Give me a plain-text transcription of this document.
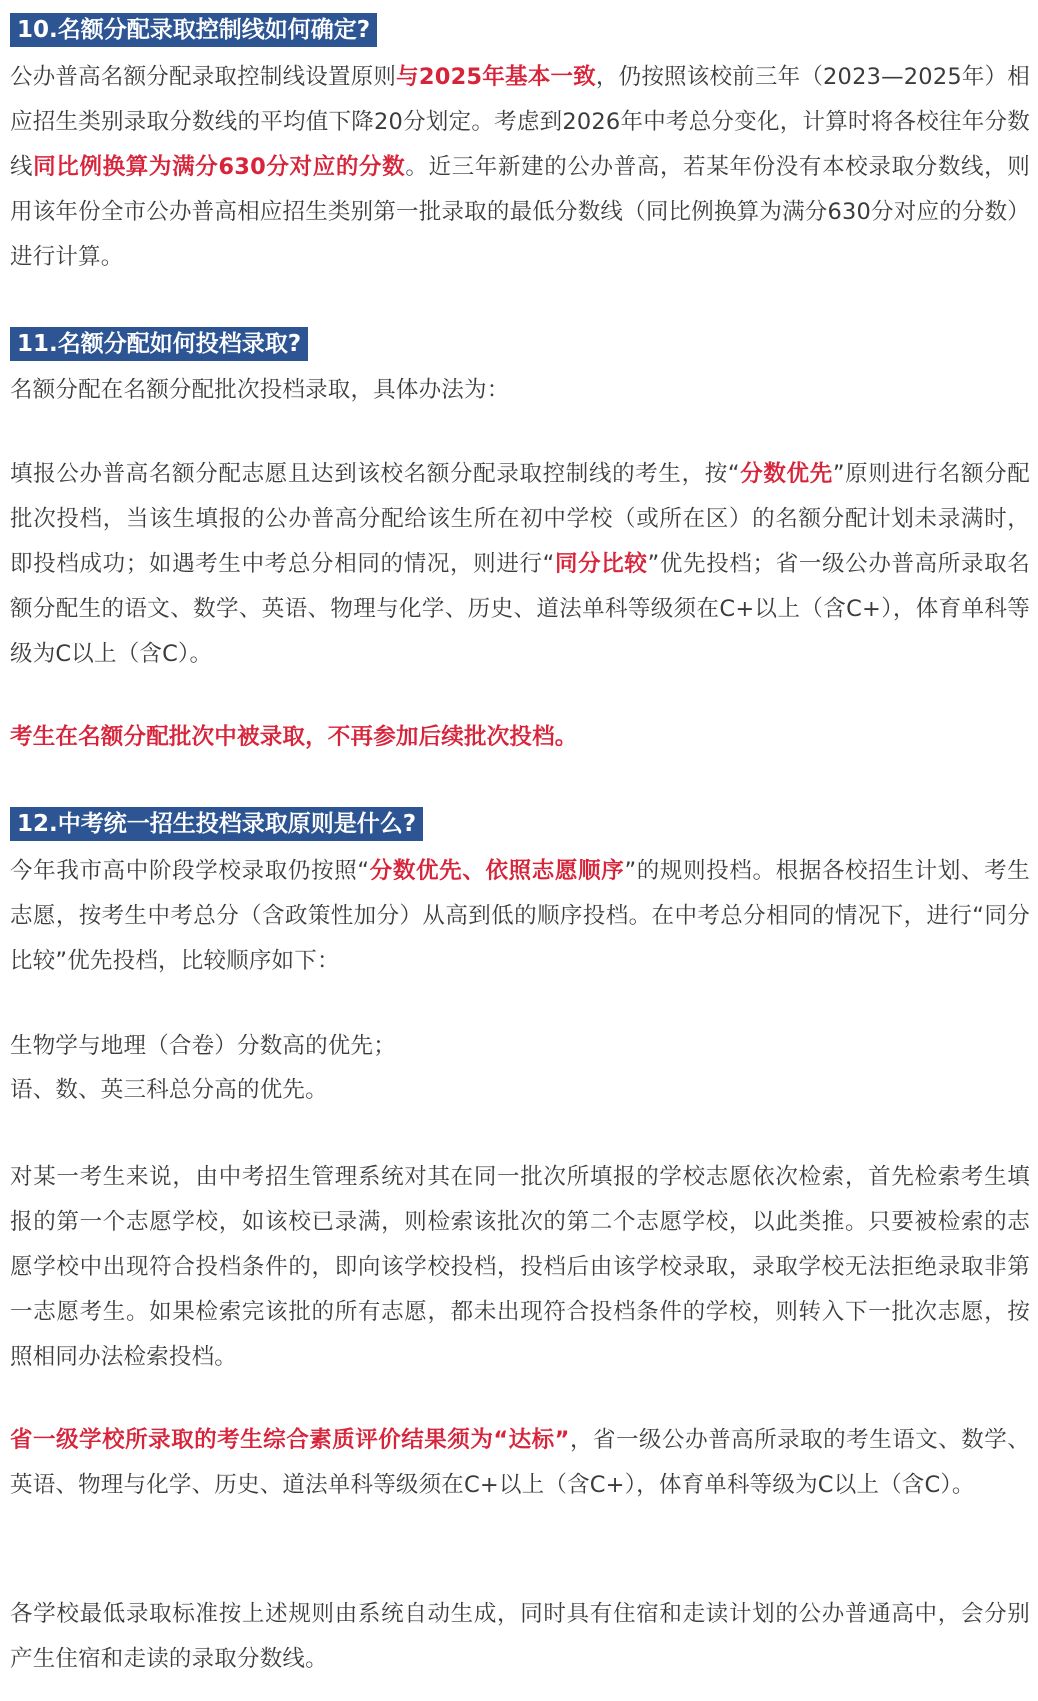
10.名额分配录取控制线如何确定?
公办普高名额分配录取控制线设置原则与2025年基本一致，仍按照该校前三年（2023—2025年）相应招生类别录取分数线的平均值下降20分划定。考虑到2026年中考总分变化，计算时将各校往年分数线同比例换算为满分630分对应的分数。近三年新建的公办普高，若某年份没有本校录取分数线，则用该年份全市公办普高相应招生类别第一批录取的最低分数线（同比例换算为满分630分对应的分数）进行计算。
11.名额分配如何投档录取?
名额分配在名额分配批次投档录取，具体办法为：
填报公办普高名额分配志愿且达到该校名额分配录取控制线的考生，按“分数优先”原则进行名额分配批次投档，当该生填报的公办普高分配给该生所在初中学校（或所在区）的名额分配计划未录满时，即投档成功；如遇考生中考总分相同的情况，则进行“同分比较”优先投档；省一级公办普高所录取名额分配生的语文、数学、英语、物理与化学、历史、道法单科等级须在C+以上（含C+），体育单科等级为C以上（含C）。
考生在名额分配批次中被录取，不再参加后续批次投档。
12.中考统一招生投档录取原则是什么?
今年我市高中阶段学校录取仍按照“分数优先、依照志愿顺序”的规则投档。根据各校招生计划、考生志愿，按考生中考总分（含政策性加分）从高到低的顺序投档。在中考总分相同的情况下，进行“同分比较”优先投档，比较顺序如下：
生物学与地理（合卷）分数高的优先；
语、数、英三科总分高的优先。
对某一考生来说，由中考招生管理系统对其在同一批次所填报的学校志愿依次检索，首先检索考生填报的第一个志愿学校，如该校已录满，则检索该批次的第二个志愿学校，以此类推。只要被检索的志愿学校中出现符合投档条件的，即向该学校投档，投档后由该学校录取，录取学校无法拒绝录取非第一志愿考生。如果检索完该批的所有志愿，都未出现符合投档条件的学校，则转入下一批次志愿，按照相同办法检索投档。
省一级学校所录取的考生综合素质评价结果须为“达标”，省一级公办普高所录取的考生语文、数学、英语、物理与化学、历史、道法单科等级须在C+以上（含C+），体育单科等级为C以上（含C）。
各学校最低录取标准按上述规则由系统自动生成，同时具有住宿和走读计划的公办普通高中，会分别产生住宿和走读的录取分数线。
